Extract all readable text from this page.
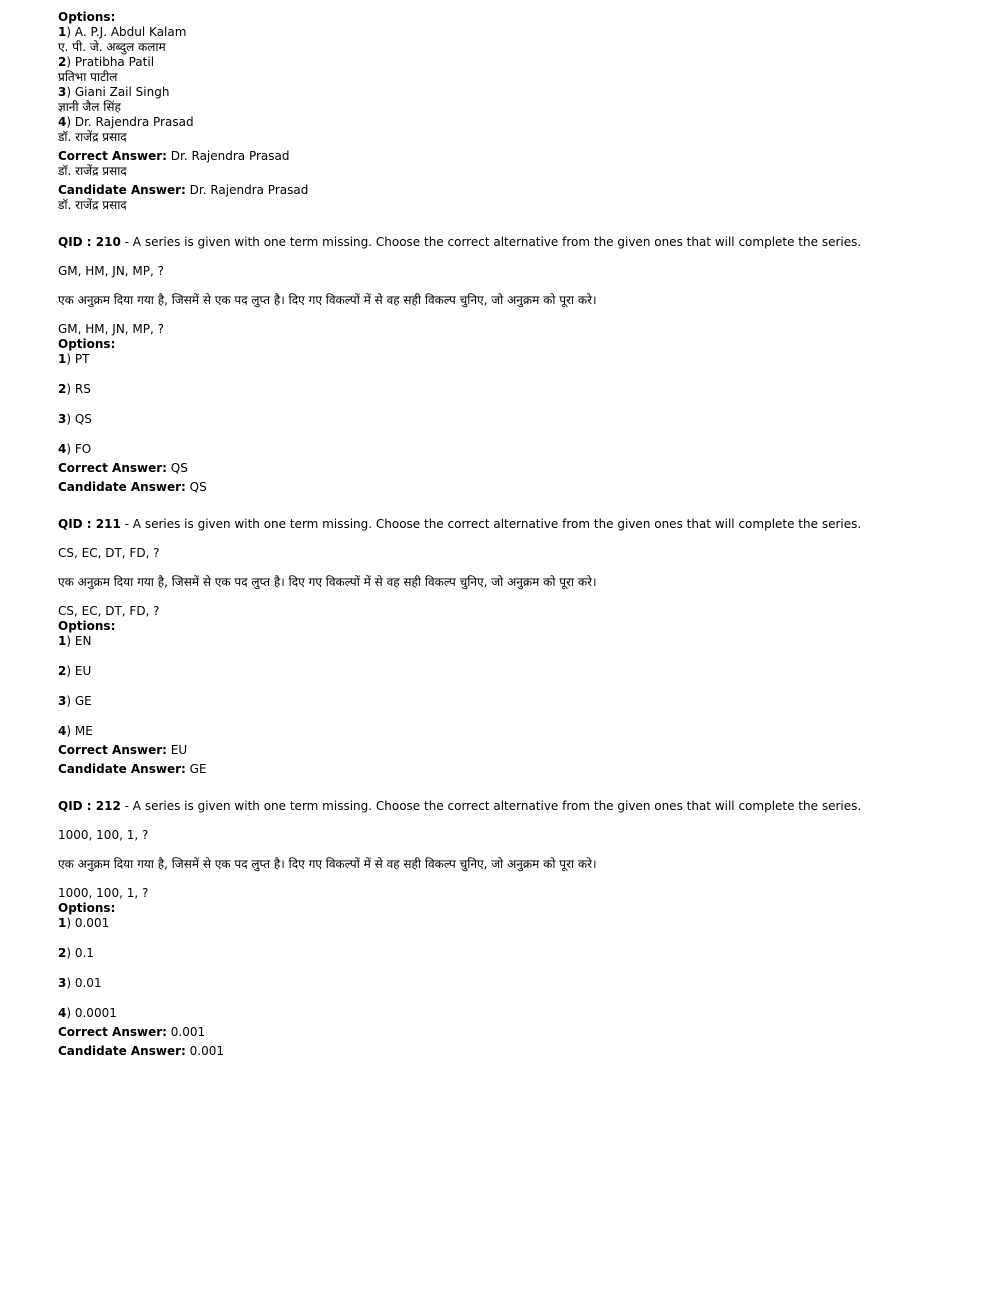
Options:
1) A. P.J. Abdul Kalam
ए. पी. जे. अब्दुल कलाम
2) Pratibha Patil
प्रतिभा पाटील
3) Giani Zail Singh
ज्ञानी जैल सिंह
4) Dr. Rajendra Prasad
डॉ. राजेंद्र प्रसाद
Correct Answer: Dr. Rajendra Prasad
डॉ. राजेंद्र प्रसाद
Candidate Answer: Dr. Rajendra Prasad
डॉ. राजेंद्र प्रसाद
QID : 210 - A series is given with one term missing. Choose the correct alternative from the given ones that will complete the series.
GM, HM, JN, MP, ?
एक अनुक्रम दिया गया है, जिसमें से एक पद लुप्त है। दिए गए विकल्पों में से वह सही विकल्प चुनिए, जो अनुक्रम को पूरा करे।
GM, HM, JN, MP, ?
Options:
1) PT
2) RS
3) QS
4) FO
Correct Answer: QS
Candidate Answer: QS
QID : 211 - A series is given with one term missing. Choose the correct alternative from the given ones that will complete the series.
CS, EC, DT, FD, ?
एक अनुक्रम दिया गया है, जिसमें से एक पद लुप्त है। दिए गए विकल्पों में से वह सही विकल्प चुनिए, जो अनुक्रम को पूरा करे।
CS, EC, DT, FD, ?
Options:
1) EN
2) EU
3) GE
4) ME
Correct Answer: EU
Candidate Answer: GE
QID : 212 - A series is given with one term missing. Choose the correct alternative from the given ones that will complete the series.
1000, 100, 1, ?
एक अनुक्रम दिया गया है, जिसमें से एक पद लुप्त है। दिए गए विकल्पों में से वह सही विकल्प चुनिए, जो अनुक्रम को पूरा करे।
1000, 100, 1, ?
Options:
1) 0.001
2) 0.1
3) 0.01
4) 0.0001
Correct Answer: 0.001
Candidate Answer: 0.001
